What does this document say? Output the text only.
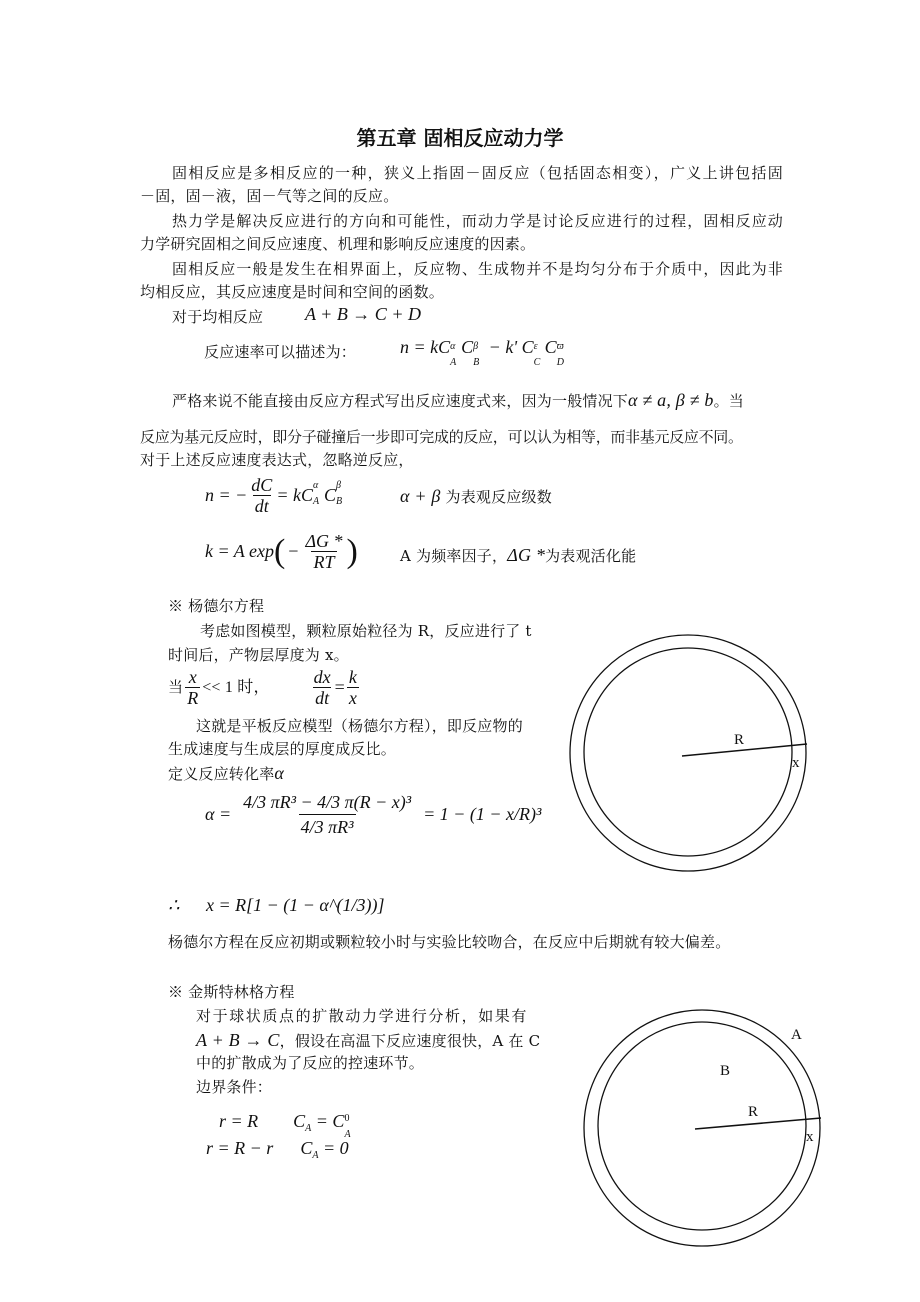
第五章 固相反应动力学
固相反应是多相反应的一种，狭义上指固－固反应（包括固态相变），广义上讲包括固
－固，固－液，固－气等之间的反应。
热力学是解决反应进行的方向和可能性，而动力学是讨论反应进行的过程，固相反应动
力学研究固相之间反应速度、机理和影响反应速度的因素。
固相反应一般是发生在相界面上，反应物、生成物并不是均匀分布于介质中，因此为非
均相反应，其反应速度是时间和空间的函数。
对于均相反应 A + B → C + D
反应速率可以描述为： n = kC α
A
C β
B
− k' C ε
C
C ϖ
D
严格来说不能直接由反应方程式写出反应速度式来，因为一般情况下α ≠ a, β ≠ b。当
反应为基元反应时，即分子碰撞后一步即可完成的反应，可以认为相等，而非基元反应不同。
对于上述反应速度表达式，忽略逆反应，
n = − $\frac{dC}{dt}$ = kC α
A C β
B	α + β 为表观反应级数
k = A exp ( − $\frac{\Delta G *}{RT}$ )	A 为频率因子，ΔG *为表观活化能
※ 杨德尔方程
考虑如图模型，颗粒原始粒径为 R，反应进行了 t
时间后，产物层厚度为 x。
当 $\frac{x}{R} << 1$ 时， $\frac{dx}{dt} = \frac{k}{x}$
这就是平板反应模型（杨德尔方程），即反应物的
生成速度与生成层的厚度成反比。
定义反应转化率α
$\alpha = \frac{\text{4/3 πR³ − 4/3 π(R − x)³}}{\text{4/3 πR³}} = 1 - (1 - x/R)^3$
∴ x = R[1 − (1 − α^(1/3))]
杨德尔方程在反应初期或颗粒较小时与实验比较吻合，在反应中后期就有较大偏差。
R
x
A
B
R
x
※ 金斯特林格方程
对于球状质点的扩散动力学进行分析，如果有
A + B → C，假设在高温下反应速度很快，A 在 C
中的扩散成为了反应的控速环节。
边界条件：
r = R $C_A = C$ 0
A
r = R − r $C_A = 0$
